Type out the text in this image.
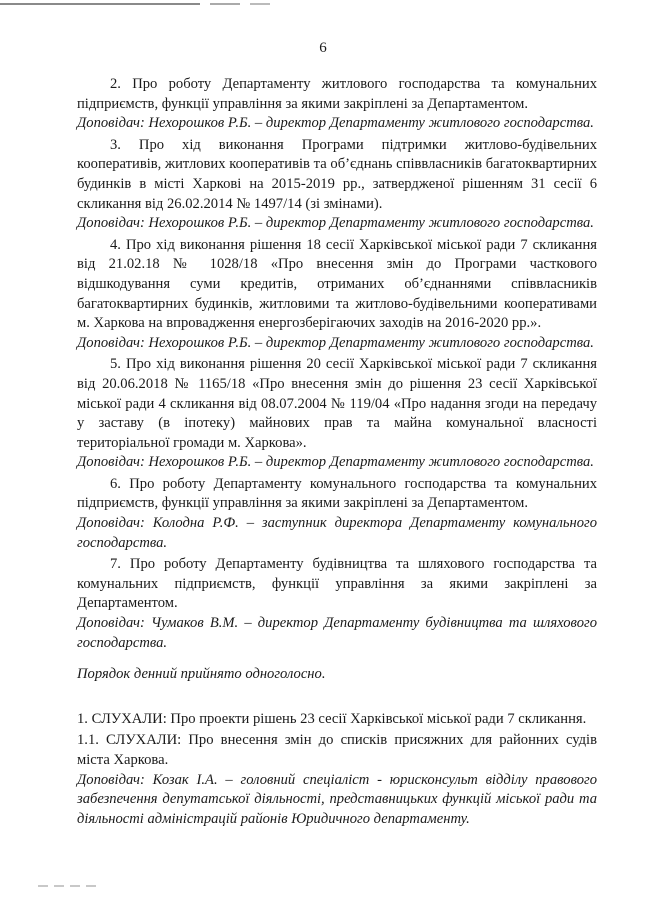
6

2. Про роботу Департаменту житлового господарства та комунальних підприємств, функції управління за якими закріплені за Департаментом.

Доповідач: Нехорошков Р.Б. – директор Департаменту житлового господарства.

3. Про хід виконання Програми підтримки житлово-будівельних кооперативів, житлових кооперативів та об’єднань співвласників багатоквартирних будинків в місті Харкові на 2015-2019 рр., затвердженої рішенням 31 сесії 6 скликання від 26.02.2014 № 1497/14 (зі змінами).

Доповідач: Нехорошков Р.Б. – директор Департаменту житлового господарства.

4. Про хід виконання рішення 18 сесії Харківської міської ради 7 скликання від 21.02.18 № 1028/18 «Про внесення змін до Програми часткового відшкодування суми кредитів, отриманих об’єднаннями співвласників багатоквартирних будинків, житловими та житлово-будівельними кооперативами м. Харкова на впровадження енергозберігаючих заходів на 2016-2020 рр.».

Доповідач: Нехорошков Р.Б. – директор Департаменту житлового господарства.

5. Про хід виконання рішення 20 сесії Харківської міської ради 7 скликання від 20.06.2018 № 1165/18 «Про внесення змін до рішення 23 сесії Харківської міської ради 4 скликання від 08.07.2004 № 119/04 «Про надання згоди на передачу у заставу (в іпотеку) майнових прав та майна комунальної власності територіальної громади м. Харкова».

Доповідач: Нехорошков Р.Б. – директор Департаменту житлового господарства.

6. Про роботу Департаменту комунального господарства та комунальних підприємств, функції управління за якими закріплені за Департаментом.

Доповідач: Колодна Р.Ф. – заступник директора Департаменту комунального господарства.

7. Про роботу Департаменту будівництва та шляхового господарства та комунальних підприємств, функції управління за якими закріплені за Департаментом.

Доповідач: Чумаков В.М. – директор Департаменту будівництва та шляхового господарства.

Порядок денний прийнято одноголосно.

1. СЛУХАЛИ: Про проекти рішень 23 сесії Харківської міської ради 7 скликання.

1.1. СЛУХАЛИ: Про внесення змін до списків присяжних для районних судів міста Харкова.

Доповідач: Козак І.А. – головний спеціаліст - юрисконсульт відділу правового забезпечення депутатської діяльності, представницьких функцій міської ради та діяльності адміністрацій районів Юридичного департаменту.
